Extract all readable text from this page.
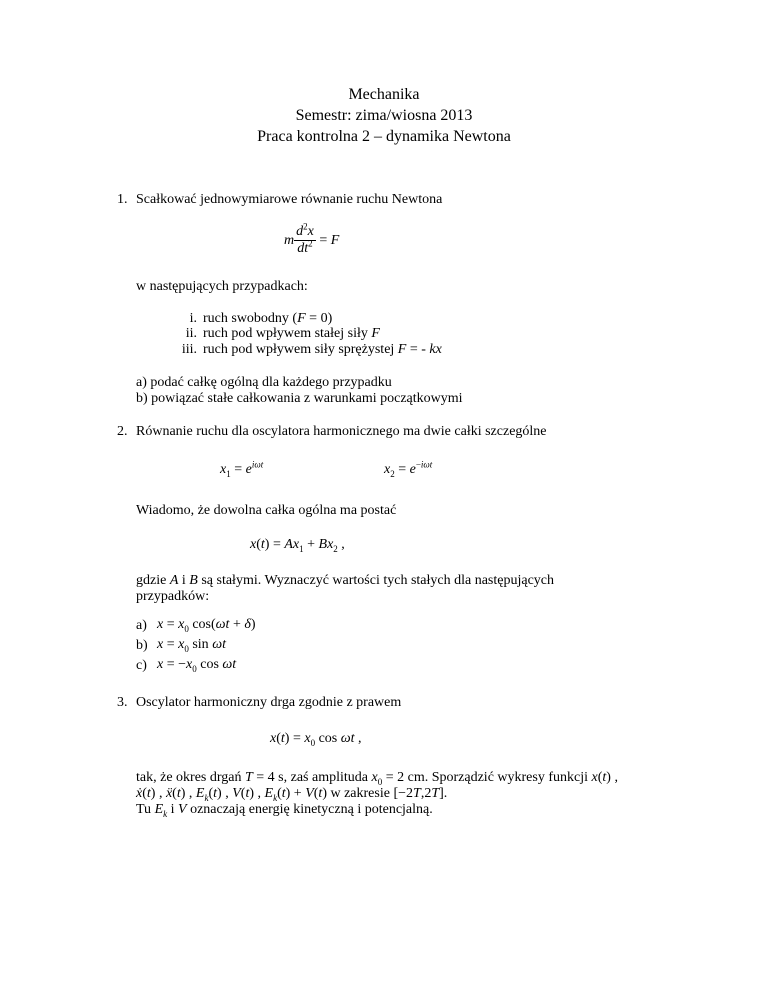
Mechanika
Semestr: zima/wiosna 2013
Praca kontrolna 2 – dynamika Newtona
1. Scałkować jednowymiarowe równanie ruchu Newtona
m $\frac{d^2x}{dt^2} = F$
w następujących przypadkach:
i. ruch swobodny (F = 0)
ii. ruch pod wpływem stałej siły F
iii. ruch pod wpływem siły sprężystej F = - kx
a) podać całkę ogólną dla każdego przypadku
b) powiązać stałe całkowania z warunkami początkowymi
2. Równanie ruchu dla oscylatora harmonicznego ma dwie całki szczególne
$x_1 = e^{i\omega t}$	$x_2 = e^{-i\omega t}$
Wiadomo, że dowolna całka ogólna ma postać
$x(t) = Ax_1 + Bx_2$ ,
gdzie A i B są stałymi. Wyznaczyć wartości tych stałych dla następujących
przypadków:
a) $x = x_0$ cos(ωt + δ)
b) $x = x_0$ sin ωt
c) $x = -x_0$ cos ωt
3. Oscylator harmoniczny drga zgodnie z prawem
$x(t) = x_0$ cos ωt ,
tak, że okres drgań T = 4 s, zaś amplituda $x_0 = 2$ cm. Sporządzić wykresy funkcji x(t) ,
ẋ(t) , ẍ(t) , $E_k(t)$ , V(t) , $E_k(t) + V(t)$ w zakresie [−2T,2T].
Tu $E_k$ i V oznaczają energię kinetyczną i potencjalną.
